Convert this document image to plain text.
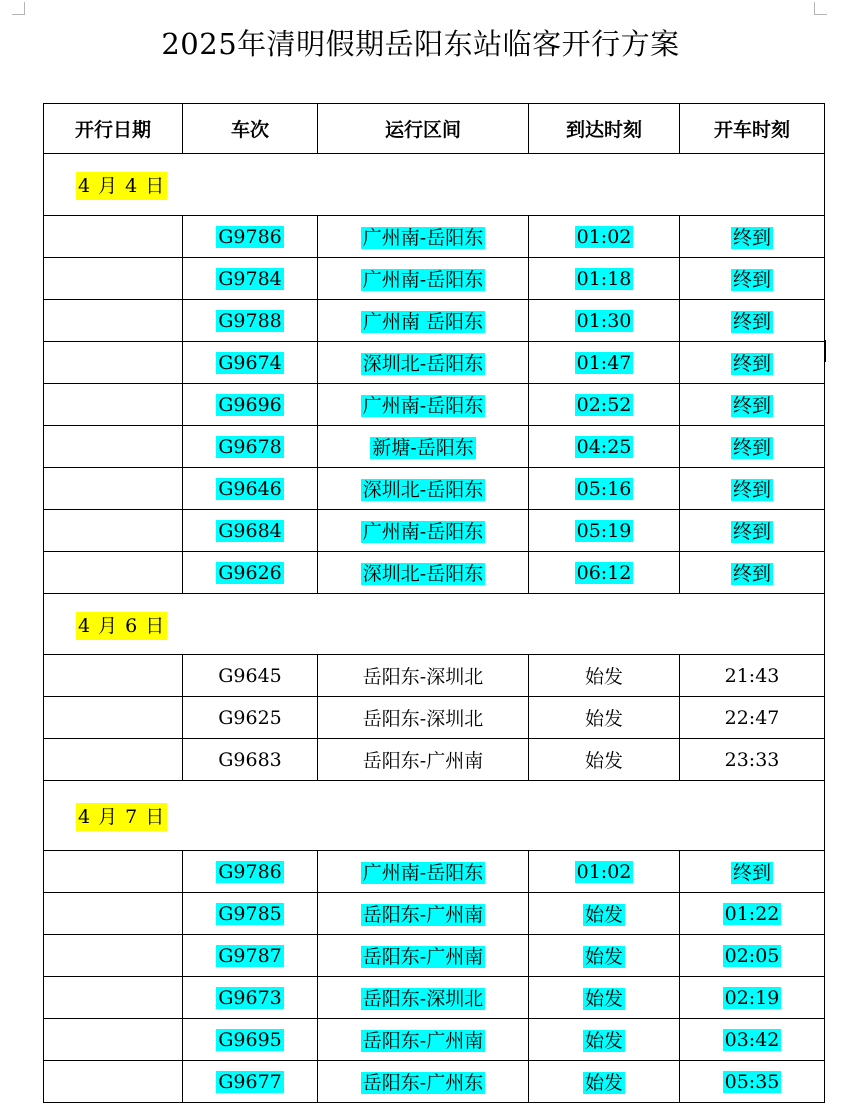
2025年清明假期岳阳东站临客开行方案
开行日期	车次	运行区间	到达时刻	开车时刻
4 月 4 日				
	G9786	广州南-岳阳东	01:02	终到
	G9784	广州南-岳阳东	01:18	终到
	G9788	广州南 岳阳东	01:30	终到
	G9674	深圳北-岳阳东	01:47	终到
	G9696	广州南-岳阳东	02:52	终到
	G9678	新塘-岳阳东	04:25	终到
	G9646	深圳北-岳阳东	05:16	终到
	G9684	广州南-岳阳东	05:19	终到
	G9626	深圳北-岳阳东	06:12	终到
4 月 6 日				
	G9645	岳阳东-深圳北	始发	21:43
	G9625	岳阳东-深圳北	始发	22:47
	G9683	岳阳东-广州南	始发	23:33
4 月 7 日				
	G9786	广州南-岳阳东	01:02	终到
	G9785	岳阳东-广州南	始发	01:22
	G9787	岳阳东-广州南	始发	02:05
	G9673	岳阳东-深圳北	始发	02:19
	G9695	岳阳东-广州南	始发	03:42
	G9677	岳阳东-广州东	始发	05:35
